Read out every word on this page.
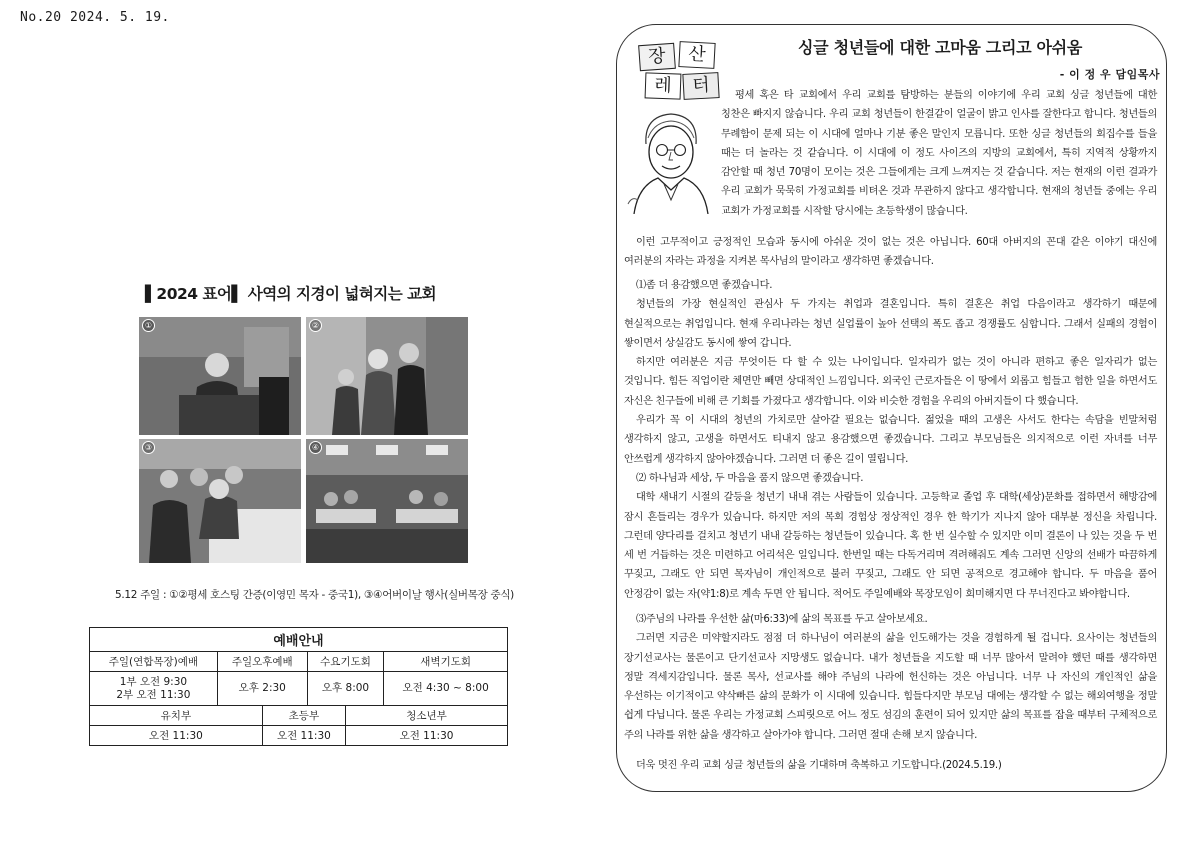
No.20 2024. 5. 19.
▌2024 표어▌ 사역의 지경이 넓혀지는 교회
①	②
③	④
5.12 주일 : ①②평세 호스팅 간증(이영민 목자 - 중국1), ③④어버이날 행사(실버목장 중식)
예배안내					
주일(연합목장)예배	주일오후예배		수요기도회		새벽기도회
1부 오전 9:30
2부 오전 11:30	오후 2:30		오후 8:00		오전 4:30 ~ 8:00
유치부		초등부		청소년부	
오전 11:30		오전 11:30		오전 11:30	
장	산
레	터
싱글 청년들에 대한 고마움 그리고 아쉬움
- 이 정 우 담임목사
평세 혹은 타 교회에서 우리 교회를 탐방하는 분들의 이야기에 우리 교회 싱글 청년들에 대한 칭찬은 빠지지 않습니다. 우리 교회 청년들이 한결같이 얼굴이 밝고 인사를 잘한다고 합니다. 청년들의 무례함이 문제 되는 이 시대에 얼마나 기분 좋은 말인지 모릅니다. 또한 싱글 청년들의 회집수를 들을 때는 더 놀라는 것 같습니다. 이 시대에 이 정도 사이즈의 지방의 교회에서, 특히 지역적 상황까지 감안할 때 청년 70명이 모이는 것은 그들에게는 크게 느껴지는 것 같습니다. 저는 현재의 이런 결과가 우리 교회가 묵묵히 가정교회를 비텨온 것과 무관하지 않다고 생각합니다. 현재의 청년들 중에는 우리 교회가 가정교회를 시작할 당시에는 초등학생이 많습니다.
이런 고무적이고 긍정적인 모습과 동시에 아쉬운 것이 없는 것은 아닙니다. 60대 아버지의 꼰대 같은 이야기 대신에 여러분의 자라는 과정을 지켜본 목사님의 말이라고 생각하면 좋겠습니다.
⑴좀 더 용감했으면 좋겠습니다.
청년들의 가장 현실적인 관심사 두 가지는 취업과 결혼입니다. 특히 결혼은 취업 다음이라고 생각하기 때문에 현실적으로는 취업입니다. 현재 우리나라는 청년 실업률이 높아 선택의 폭도 좁고 경쟁률도 심합니다. 그래서 실패의 경험이 쌓이면서 상실감도 동시에 쌓여 갑니다.
하지만 여러분은 지금 무엇이든 다 할 수 있는 나이입니다. 일자리가 없는 것이 아니라 편하고 좋은 일자리가 없는 것입니다. 힘든 직업이란 체면만 빼면 상대적인 느낌입니다. 외국인 근로자들은 이 땅에서 외롭고 힘들고 험한 일을 하면서도 자신은 친구들에 비해 큰 기회를 가졌다고 생각합니다. 이와 비슷한 경험을 우리의 아버지들이 다 했습니다.
우리가 꼭 이 시대의 청년의 가치로만 살아갈 필요는 없습니다. 젊었을 때의 고생은 사서도 한다는 속담을 빈말처럼 생각하지 않고, 고생을 하면서도 티내지 않고 용감했으면 좋겠습니다. 그리고 부모님들은 의지적으로 이런 자녀를 너무 안쓰럽게 생각하지 않아야겠습니다. 그러면 더 좋은 길이 열립니다.
⑵ 하나님과 세상, 두 마음을 품지 않으면 좋겠습니다.
대학 새내기 시절의 갈등을 청년기 내내 겪는 사람들이 있습니다. 고등학교 졸업 후 대학(세상)문화를 접하면서 해방감에 잠시 흔들리는 경우가 있습니다. 하지만 저의 목회 경험상 정상적인 경우 한 학기가 지나지 않아 대부분 정신을 차립니다. 그런데 양다리를 걸치고 청년기 내내 갈등하는 청년들이 있습니다. 혹 한 번 실수할 수 있지만 이미 결론이 나 있는 것을 두 번 세 번 거듭하는 것은 미련하고 어리석은 일입니다. 한번일 때는 다독거리며 격려해줘도 계속 그러면 신앙의 선배가 따끔하게 꾸짖고, 그래도 안 되면 목자님이 개인적으로 불러 꾸짖고, 그래도 안 되면 공적으로 경고해야 합니다. 두 마음을 품어 안정감이 없는 자(약1:8)로 계속 두면 안 됩니다. 적어도 주일예배와 목장모임이 희미해지면 다 무너진다고 봐야합니다.
⑶주님의 나라를 우선한 삶(마6:33)에 삶의 목표를 두고 살아보세요.
그러면 지금은 미약할지라도 점점 더 하나님이 여러분의 삶을 인도해가는 것을 경험하게 될 겁니다. 요사이는 청년들의 장기선교사는 물론이고 단기선교사 지망생도 없습니다. 내가 청년들을 지도할 때 너무 많아서 말려야 했던 때를 생각하면 정말 격세지감입니다. 물론 목사, 선교사를 해야 주님의 나라에 헌신하는 것은 아닙니다. 너무 나 자신의 개인적인 삶을 우선하는 이기적이고 약삭빠른 삶의 문화가 이 시대에 있습니다. 힘들다지만 부모님 대에는 생각할 수 없는 해외여행을 정말 쉽게 다닙니다. 물론 우리는 가정교회 스피릿으로 어느 정도 섬김의 훈련이 되어 있지만 삶의 목표를 잡을 때부터 구체적으로 주의 나라를 위한 삶을 생각하고 살아가야 합니다. 그러면 절대 손해 보지 않습니다.
더욱 멋진 우리 교회 싱글 청년들의 삶을 기대하며 축복하고 기도합니다.(2024.5.19.)
